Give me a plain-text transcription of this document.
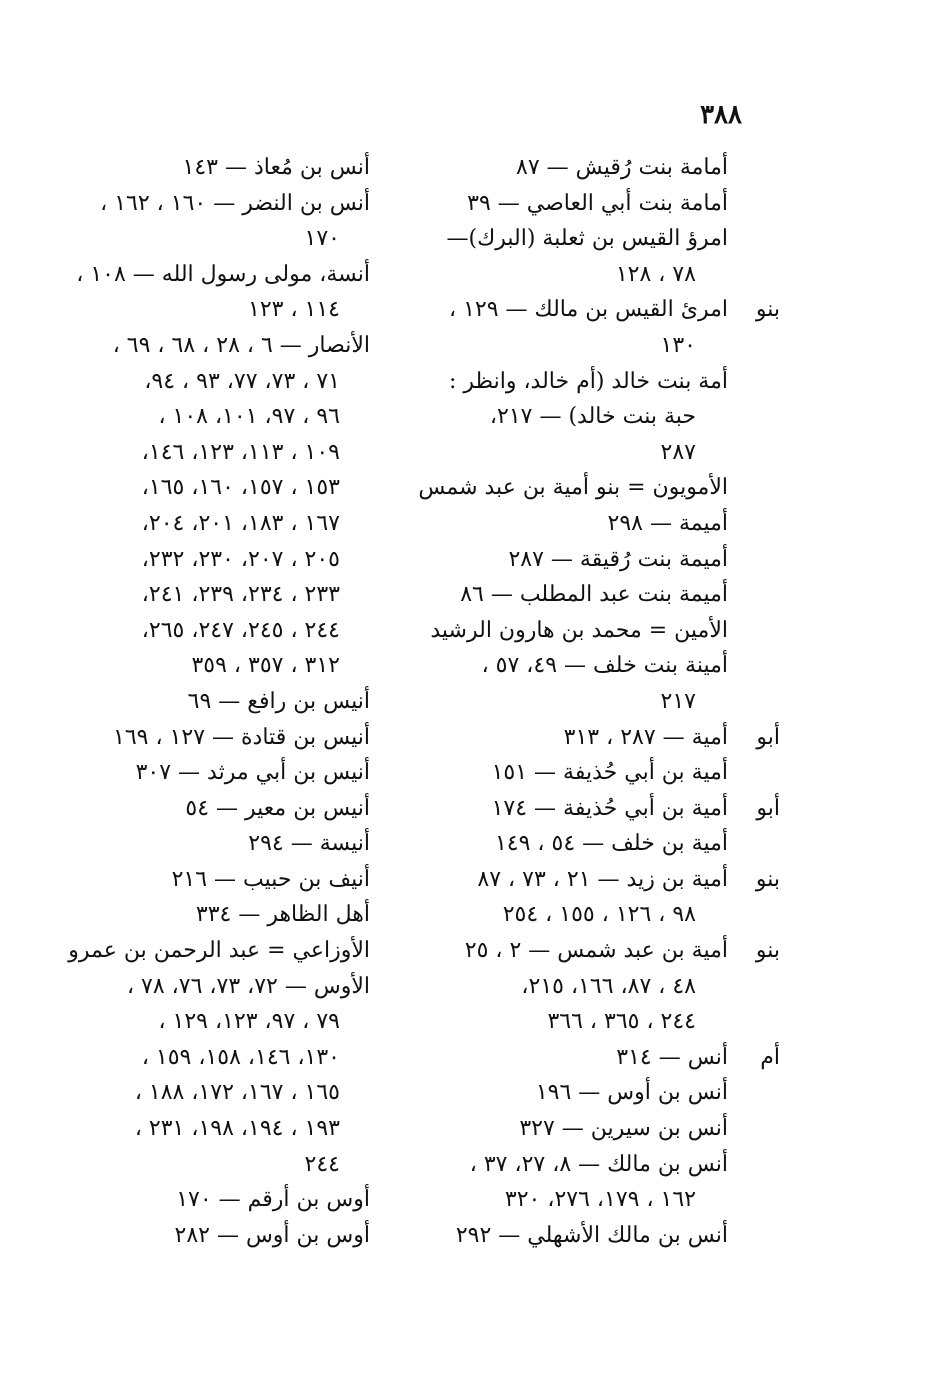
٣٨٨
أمامة بنت رُقيش — ٨٧
أمامة بنت أبي العاصي — ٣٩
امرؤ القيس بن ثعلبة (البرك)—
٧٨ ، ١٢٨
بنو
امرئ القيس بن مالك — ١٢٩ ،
١٣٠
أمة بنت خالد (أم خالد، وانظر :
حبة بنت خالد) — ٢١٧،
٢٨٧
الأمويون = بنو أمية بن عبد شمس
أميمة — ٢٩٨
أميمة بنت رُقيقة — ٢٨٧
أميمة بنت عبد المطلب — ٨٦
الأمين = محمد بن هارون الرشيد
أمينة بنت خلف — ٤٩، ٥٧ ،
٢١٧
أبو
أمية — ٢٨٧ ، ٣١٣
أمية بن أبي حُذيفة — ١٥١
أبو
أمية بن أبي حُذيفة — ١٧٤
أمية بن خلف — ٥٤ ، ١٤٩
بنو
أمية بن زيد — ٢١ ، ٧٣ ، ٨٧
٩٨ ، ١٢٦ ، ١٥٥ ، ٢٥٤
بنو
أمية بن عبد شمس — ٢ ، ٢٥
٤٨ ، ٨٧، ١٦٦، ٢١٥،
٢٤٤ ، ٣٦٥ ، ٣٦٦
أم
أنس — ٣١٤
أنس بن أوس — ١٩٦
أنس بن سيرين — ٣٢٧
أنس بن مالك — ٨، ٢٧، ٣٧ ،
١٦٢ ، ١٧٩، ٢٧٦، ٣٢٠
أنس بن مالك الأشهلي — ٢٩٢
أنس بن مُعاذ — ١٤٣
أنس بن النضر — ١٦٠ ، ١٦٢ ،
١٧٠
أنسة، مولى رسول الله — ١٠٨ ،
١١٤ ، ١٢٣
الأنصار — ٦ ، ٢٨ ، ٦٨ ، ٦٩ ،
٧١ ، ٧٣، ٧٧، ٩٣ ، ٩٤،
٩٦ ، ٩٧، ١٠١، ١٠٨ ،
١٠٩ ، ١١٣، ١٢٣، ١٤٦،
١٥٣ ، ١٥٧، ١٦٠، ١٦٥،
١٦٧ ، ١٨٣، ٢٠١، ٢٠٤،
٢٠٥ ، ٢٠٧، ٢٣٠، ٢٣٢،
٢٣٣ ، ٢٣٤، ٢٣٩، ٢٤١،
٢٤٤ ، ٢٤٥، ٢٤٧، ٢٦٥،
٣١٢ ، ٣٥٧ ، ٣٥٩
أنيس بن رافع — ٦٩
أنيس بن قتادة — ١٢٧ ، ١٦٩
أنيس بن أبي مرثد — ٣٠٧
أنيس بن معير — ٥٤
أنيسة — ٢٩٤
أنيف بن حبيب — ٢١٦
أهل الظاهر — ٣٣٤
الأوزاعي = عبد الرحمن بن عمرو
الأوس — ٧٢، ٧٣، ٧٦، ٧٨ ،
٧٩ ، ٩٧، ١٢٣، ١٢٩ ،
١٣٠، ١٤٦، ١٥٨، ١٥٩ ،
١٦٥ ، ١٦٧، ١٧٢، ١٨٨ ،
١٩٣ ، ١٩٤، ١٩٨، ٢٣١ ،
٢٤٤
أوس بن أرقم — ١٧٠
أوس بن أوس — ٢٨٢
